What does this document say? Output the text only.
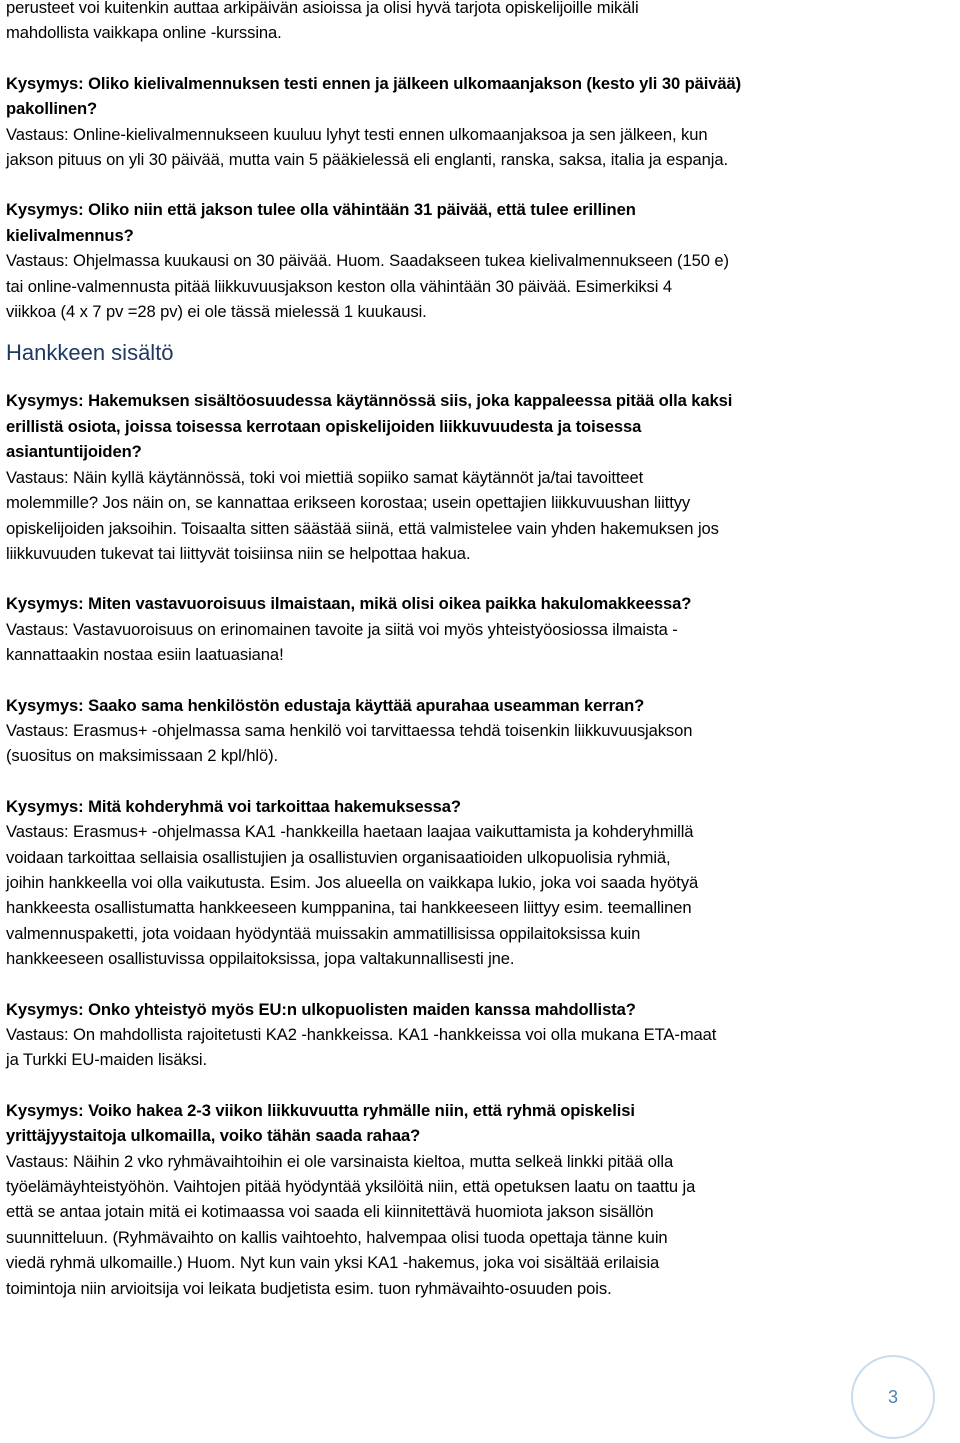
perusteet voi kuitenkin auttaa arkipäivän asioissa ja olisi hyvä tarjota opiskelijoille mikäli
mahdollista vaikkapa online -kurssina.
Kysymys: Oliko kielivalmennuksen testi ennen ja jälkeen ulkomaanjakson (kesto yli 30 päivää)
pakollinen?
Vastaus: Online-kielivalmennukseen kuuluu lyhyt testi ennen ulkomaanjaksoa ja sen jälkeen, kun
jakson pituus on yli 30 päivää, mutta vain 5 pääkielessä eli englanti, ranska, saksa, italia ja espanja.
Kysymys: Oliko niin että jakson tulee olla vähintään 31 päivää, että tulee erillinen
kielivalmennus?
Vastaus: Ohjelmassa kuukausi on 30 päivää. Huom. Saadakseen tukea kielivalmennukseen (150 e)
tai online-valmennusta pitää liikkuvuusjakson keston olla vähintään 30 päivää. Esimerkiksi 4
viikkoa (4 x 7 pv =28 pv) ei ole tässä mielessä 1 kuukausi.
Hankkeen sisältö
Kysymys: Hakemuksen sisältöosuudessa käytännössä siis, joka kappaleessa pitää olla kaksi
erillistä osiota, joissa toisessa kerrotaan opiskelijoiden liikkuvuudesta ja toisessa
asiantuntijoiden?
Vastaus: Näin kyllä käytännössä, toki voi miettiä sopiiko samat käytännöt ja/tai tavoitteet
molemmille? Jos näin on, se kannattaa erikseen korostaa; usein opettajien liikkuvuushan liittyy
opiskelijoiden jaksoihin. Toisaalta sitten säästää siinä, että valmistelee vain yhden hakemuksen jos
liikkuvuuden tukevat tai liittyvät toisiinsa niin se helpottaa hakua.
Kysymys: Miten vastavuoroisuus ilmaistaan, mikä olisi oikea paikka hakulomakkeessa?
Vastaus: Vastavuoroisuus on erinomainen tavoite ja siitä voi myös yhteistyöosiossa ilmaista -
kannattaakin nostaa esiin laatuasiana!
Kysymys: Saako sama henkilöstön edustaja käyttää apurahaa useamman kerran?
Vastaus: Erasmus+ -ohjelmassa sama henkilö voi tarvittaessa tehdä toisenkin liikkuvuusjakson
(suositus on maksimissaan 2 kpl/hlö).
Kysymys: Mitä kohderyhmä voi tarkoittaa hakemuksessa?
Vastaus: Erasmus+ -ohjelmassa KA1 -hankkeilla haetaan laajaa vaikuttamista ja kohderyhmillä
voidaan tarkoittaa sellaisia osallistujien ja osallistuvien organisaatioiden ulkopuolisia ryhmiä,
joihin hankkeella voi olla vaikutusta. Esim. Jos alueella on vaikkapa lukio, joka voi saada hyötyä
hankkeesta osallistumatta hankkeeseen kumppanina, tai hankkeeseen liittyy esim. teemallinen
valmennuspaketti, jota voidaan hyödyntää muissakin ammatillisissa oppilaitoksissa kuin
hankkeeseen osallistuvissa oppilaitoksissa, jopa valtakunnallisesti jne.
Kysymys: Onko yhteistyö myös EU:n ulkopuolisten maiden kanssa mahdollista?
Vastaus: On mahdollista rajoitetusti KA2 -hankkeissa. KA1 -hankkeissa voi olla mukana ETA-maat
ja Turkki EU-maiden lisäksi.
Kysymys: Voiko hakea 2-3 viikon liikkuvuutta ryhmälle niin, että ryhmä opiskelisi
yrittäjyystaitoja ulkomailla, voiko tähän saada rahaa?
Vastaus: Näihin 2 vko ryhmävaihtoihin ei ole varsinaista kieltoa, mutta selkeä linkki pitää olla
työelämäyhteistyöhön. Vaihtojen pitää hyödyntää yksilöitä niin, että opetuksen laatu on taattu ja
että se antaa jotain mitä ei kotimaassa voi saada eli kiinnitettävä huomiota jakson sisällön
suunnitteluun. (Ryhmävaihto on kallis vaihtoehto, halvempaa olisi tuoda opettaja tänne kuin
viedä ryhmä ulkomaille.) Huom. Nyt kun vain yksi KA1 -hakemus, joka voi sisältää erilaisia
toimintoja niin arvioitsija voi leikata budjetista esim. tuon ryhmävaihto-osuuden pois.
3
